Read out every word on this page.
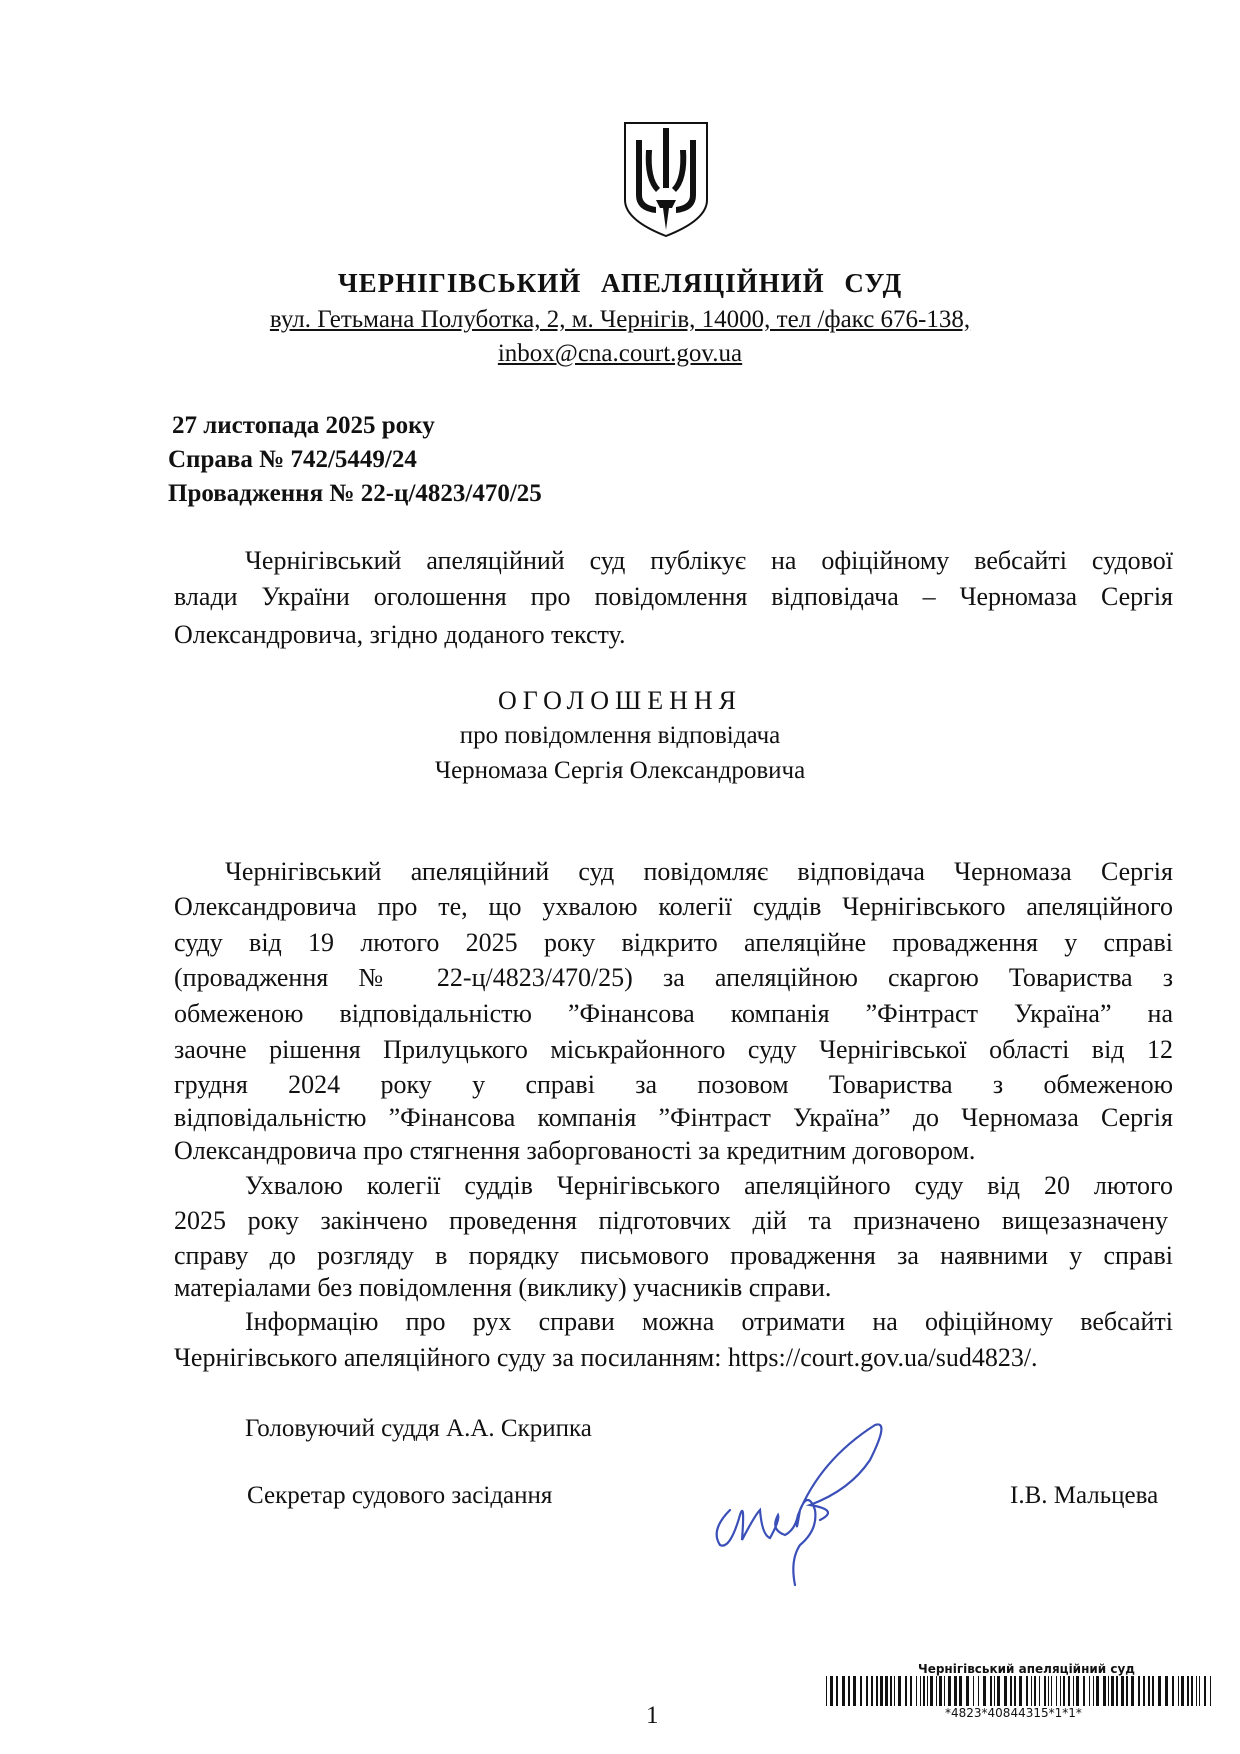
ЧЕРНІГІВСЬКИЙ АПЕЛЯЦІЙНИЙ СУД
вул. Гетьмана Полуботка, 2, м. Чернігів, 14000, тел /факс 676-138,
inbox@cna.court.gov.ua
27 листопада 2025 року
Справа № 742/5449/24
Провадження № 22-ц/4823/470/25
Чернігівський апеляційний суд публікує на офіційному вебсайті судової
влади України оголошення про повідомлення відповідача – Черномаза Сергія
Олександровича, згідно доданого тексту.
ОГОЛОШЕННЯ
про повідомлення відповідача
Черномаза Сергія Олександровича
Чернігівський апеляційний суд повідомляє відповідача Черномаза Сергія
Олександровича про те, що ухвалою колегії суддів Чернігівського апеляційного
суду від 19 лютого 2025 року відкрито апеляційне провадження у справі
(провадження № 22-ц/4823/470/25) за апеляційною скаргою Товариства з
обмеженою відповідальністю ”Фінансова компанія ”Фінтраст Україна” на
заочне рішення Прилуцького міськрайонного суду Чернігівської області від 12
грудня 2024 року у справі за позовом Товариства з обмеженою
відповідальністю ”Фінансова компанія ”Фінтраст Україна” до Черномаза Сергія
Олександровича про стягнення заборгованості за кредитним договором.
Ухвалою колегії суддів Чернігівського апеляційного суду від 20 лютого
2025 року закінчено проведення підготовчих дій та призначено вищезазначену
справу до розгляду в порядку письмового провадження за наявними у справі
матеріалами без повідомлення (виклику) учасників справи.
Інформацію про рух справи можна отримати на офіційному вебсайті
Чернігівського апеляційного суду за посиланням: https://court.gov.ua/sud4823/.
Головуючий суддя А.А. Скрипка
Секретар судового засідання	І.В. Мальцева
1
Чернігівський апеляційний суд
*4823*40844315*1*1*
